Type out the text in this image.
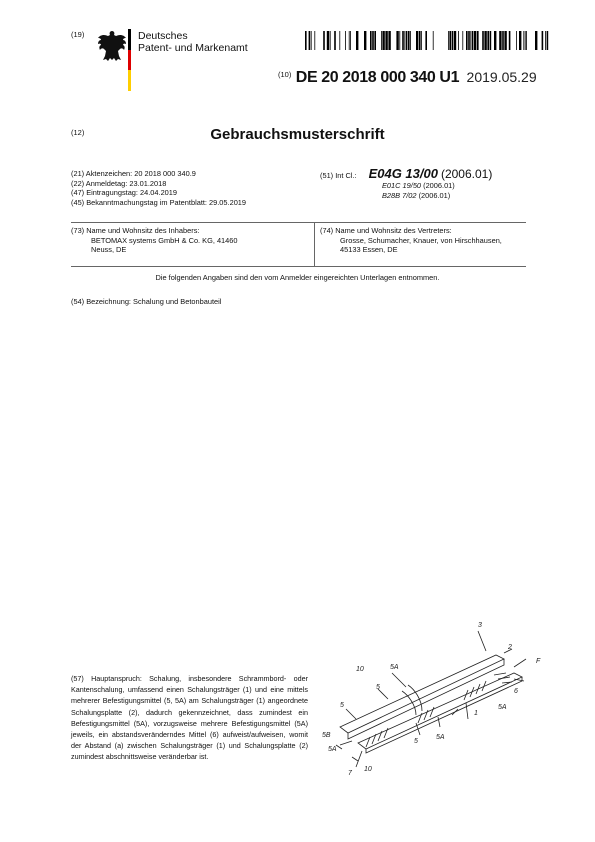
(19)	Deutsches
Patent- und Markenamt
$^{(10)}$ DE 20 2018 000 340 U1 2019.05.29
(12)	Gebrauchsmusterschrift
(21) Aktenzeichen: 20 2018 000 340.9
(22) Anmeldetag: 23.01.2018
(47) Eintragungstag: 24.04.2019
(45) Bekanntmachungstag im Patentblatt: 29.05.2019
(51) Int Cl.: E04G 13/00 (2006.01)
E01C 19/50 (2006.01)
B28B 7/02 (2006.01)
(73) Name und Wohnsitz des Inhabers:
BETOMAX systems GmbH & Co. KG, 41460
Neuss, DE
(74) Name und Wohnsitz des Vertreters:
Grosse, Schumacher, Knauer, von Hirschhausen,
45133 Essen, DE
Die folgenden Angaben sind den vom Anmelder eingereichten Unterlagen entnommen.
(54) Bezeichnung: Schalung und Betonbauteil
(57) Hauptanspruch: Schalung, insbesondere Schrammbord- oder Kantenschalung, umfassend einen Schalungsträger (1) und eine mittels mehrerer Befestigungsmittel (5, 5A) am Schalungsträger (1) angeordnete Schalungsplatte (2), dadurch gekennzeichnet, dass zumindest ein Befestigungsmittel (5A), vorzugsweise mehrere Befestigungsmittel (5A) jeweils, ein abstandsveränderndes Mittel (6) aufweist/aufweisen, womit der Abstand (a) zwischen Schalungsträger (1) und Schalungsplatte (2) zumindest abschnittsweise veränderbar ist.
3
2
F
6
5A
1
10
5
5
5A
5A
5B
5A
5
7
10
